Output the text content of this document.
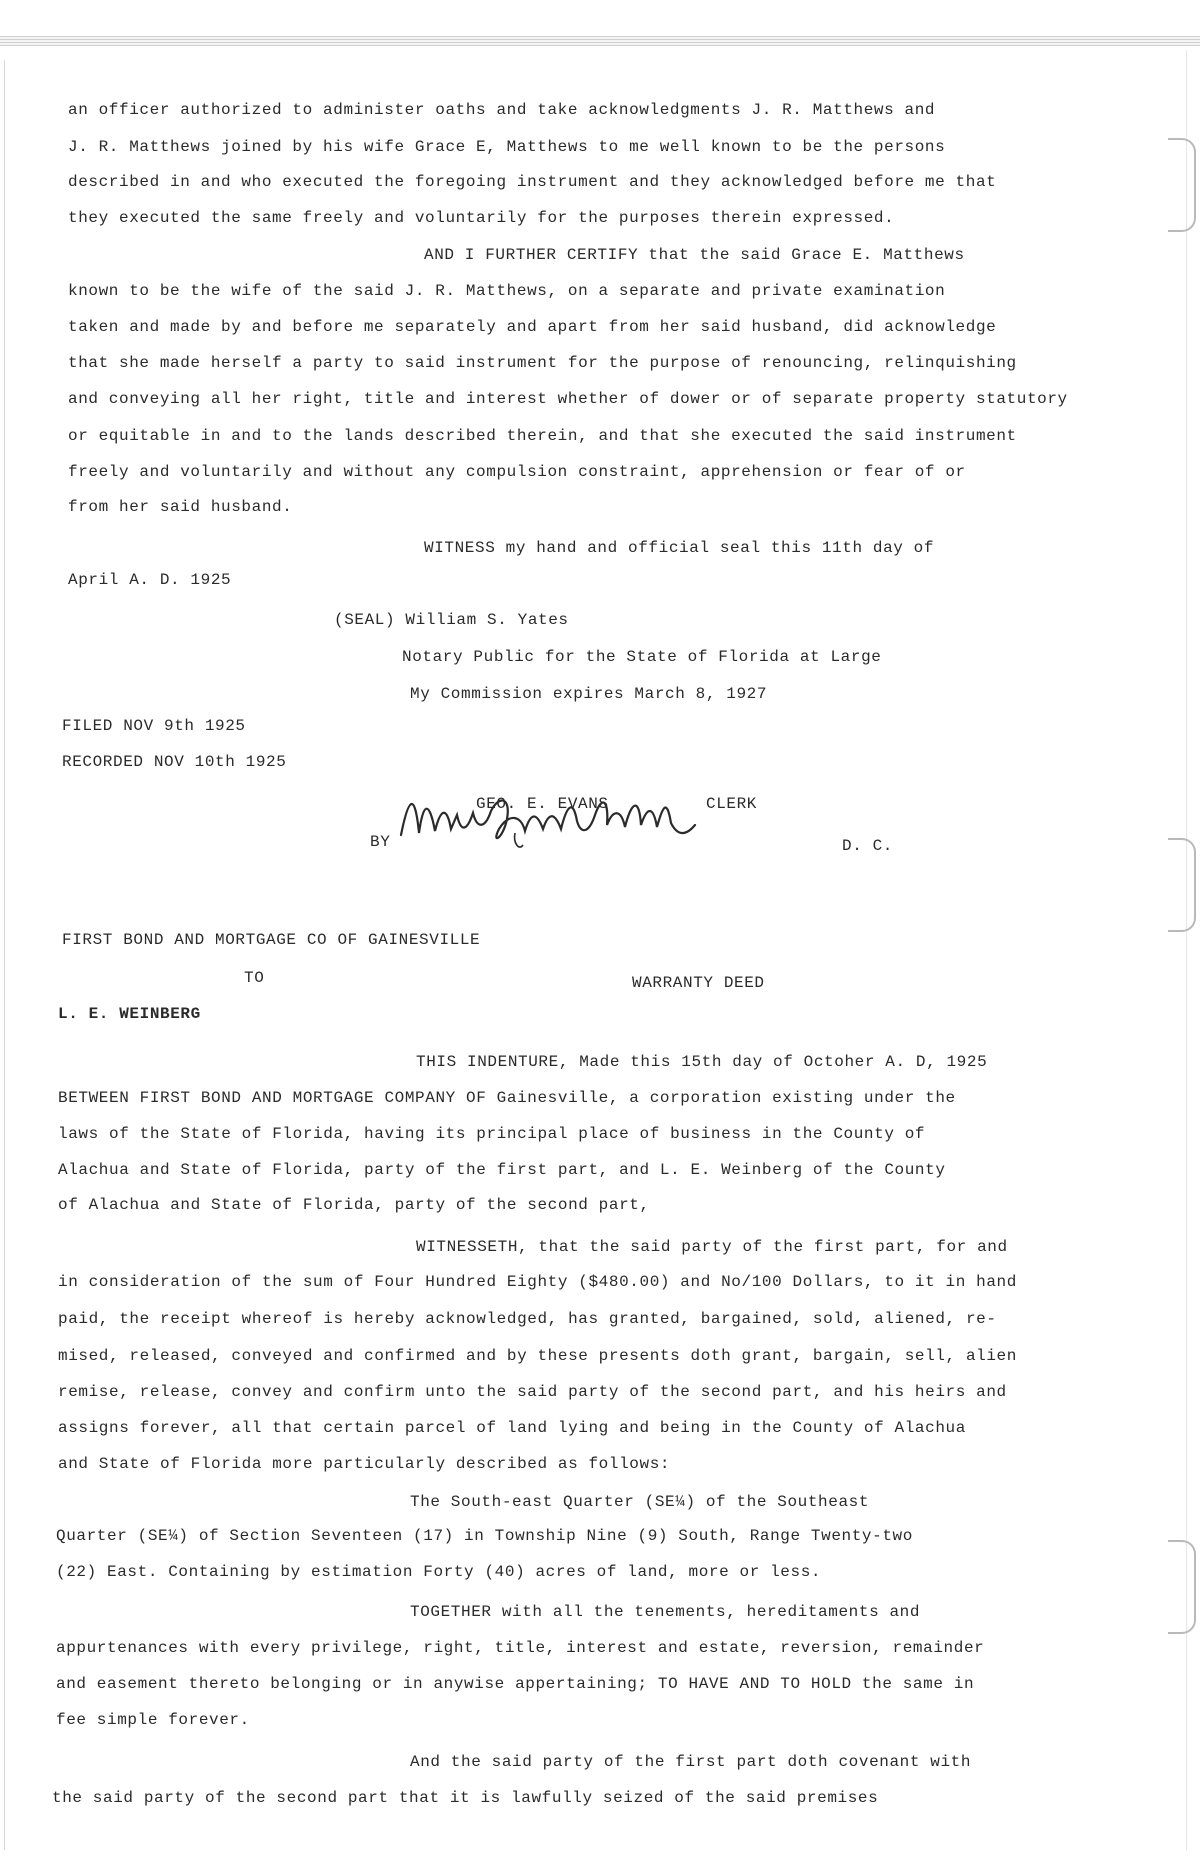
an officer authorized to administer oaths and take acknowledgments J. R. Matthews and
J. R. Matthews joined by his wife Grace E, Matthews to me well known to be the persons
described in and who executed the foregoing instrument and they acknowledged before me that
they executed the same freely and voluntarily for the purposes therein expressed.
AND I FURTHER CERTIFY that the said Grace E. Matthews
known to be the wife of the said J. R. Matthews, on a separate and private examination
taken and made by and before me separately and apart from her said husband, did acknowledge
that she made herself a party to said instrument for the purpose of renouncing, relinquishing
and conveying all her right, title and interest whether of dower or of separate property statutory
or equitable in and to the lands described therein, and that she executed the said instrument
freely and voluntarily and without any compulsion constraint, apprehension or fear of or
from her said husband.
WITNESS my hand and official seal this 11th day of
April A. D. 1925
(SEAL) William S. Yates
Notary Public for the State of Florida at Large
My Commission expires March 8, 1927
FILED NOV 9th 1925
RECORDED NOV 10th 1925
GEO. E. EVANS	CLERK
BY	D. C.
FIRST BOND AND MORTGAGE CO OF GAINESVILLE
TO	WARRANTY DEED
L. E. WEINBERG
THIS INDENTURE, Made this 15th day of Octoher A. D, 1925
BETWEEN FIRST BOND AND MORTGAGE COMPANY OF Gainesville, a corporation existing under the
laws of the State of Florida, having its principal place of business in the County of
Alachua and State of Florida, party of the first part, and L. E. Weinberg of the County
of Alachua and State of Florida, party of the second part,
WITNESSETH, that the said party of the first part, for and
in consideration of the sum of Four Hundred Eighty ($480.00) and No/100 Dollars, to it in hand
paid, the receipt whereof is hereby acknowledged, has granted, bargained, sold, aliened, re-
mised, released, conveyed and confirmed and by these presents doth grant, bargain, sell, alien
remise, release, convey and confirm unto the said party of the second part, and his heirs and
assigns forever, all that certain parcel of land lying and being in the County of Alachua
and State of Florida more particularly described as follows:
The South-east Quarter (SE¼) of the Southeast
Quarter (SE¼) of Section Seventeen (17) in Township Nine (9) South, Range Twenty-two
(22) East. Containing by estimation Forty (40) acres of land, more or less.
TOGETHER with all the tenements, hereditaments and
appurtenances with every privilege, right, title, interest and estate, reversion, remainder
and easement thereto belonging or in anywise appertaining; TO HAVE AND TO HOLD the same in
fee simple forever.
And the said party of the first part doth covenant with
the said party of the second part that it is lawfully seized of the said premises
